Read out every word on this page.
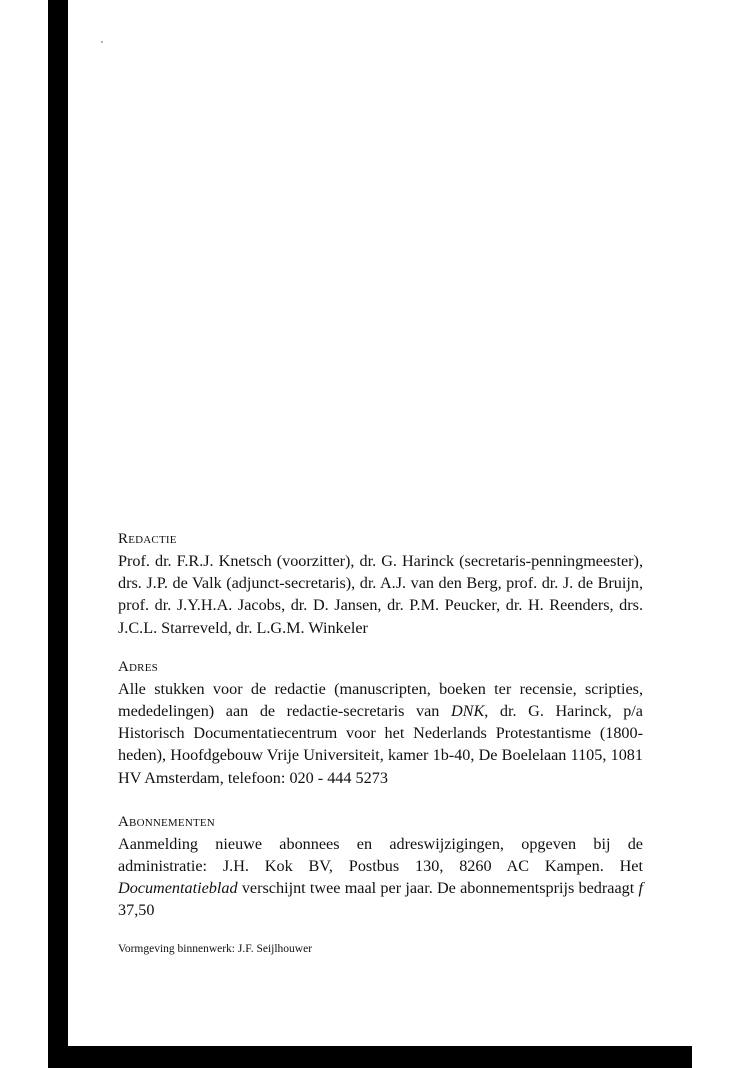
Redactie

Prof. dr. F.R.J. Knetsch (voorzitter), dr. G. Harinck (secretaris-penningmeester), drs. J.P. de Valk (adjunct-secretaris), dr. A.J. van den Berg, prof. dr. J. de Bruijn, prof. dr. J.Y.H.A. Jacobs, dr. D. Jansen, dr. P.M. Peucker, dr. H. Reenders, drs. J.C.L. Starreveld, dr. L.G.M. Winkeler

Adres

Alle stukken voor de redactie (manuscripten, boeken ter recensie, scripties, mededelingen) aan de redactie-secretaris van DNK, dr. G. Harinck, p/a Historisch Documentatiecentrum voor het Nederlands Protestantisme (1800-heden), Hoofdgebouw Vrije Universiteit, kamer 1b-40, De Boelelaan 1105, 1081 HV Amsterdam, telefoon: 020 - 444 5273

Abonnementen

Aanmelding nieuwe abonnees en adreswijzigingen, opgeven bij de administratie: J.H. Kok BV, Postbus 130, 8260 AC Kampen. Het Documentatieblad verschijnt twee maal per jaar. De abonnementsprijs bedraagt f 37,50

Vormgeving binnenwerk: J.F. Seijlhouwer
